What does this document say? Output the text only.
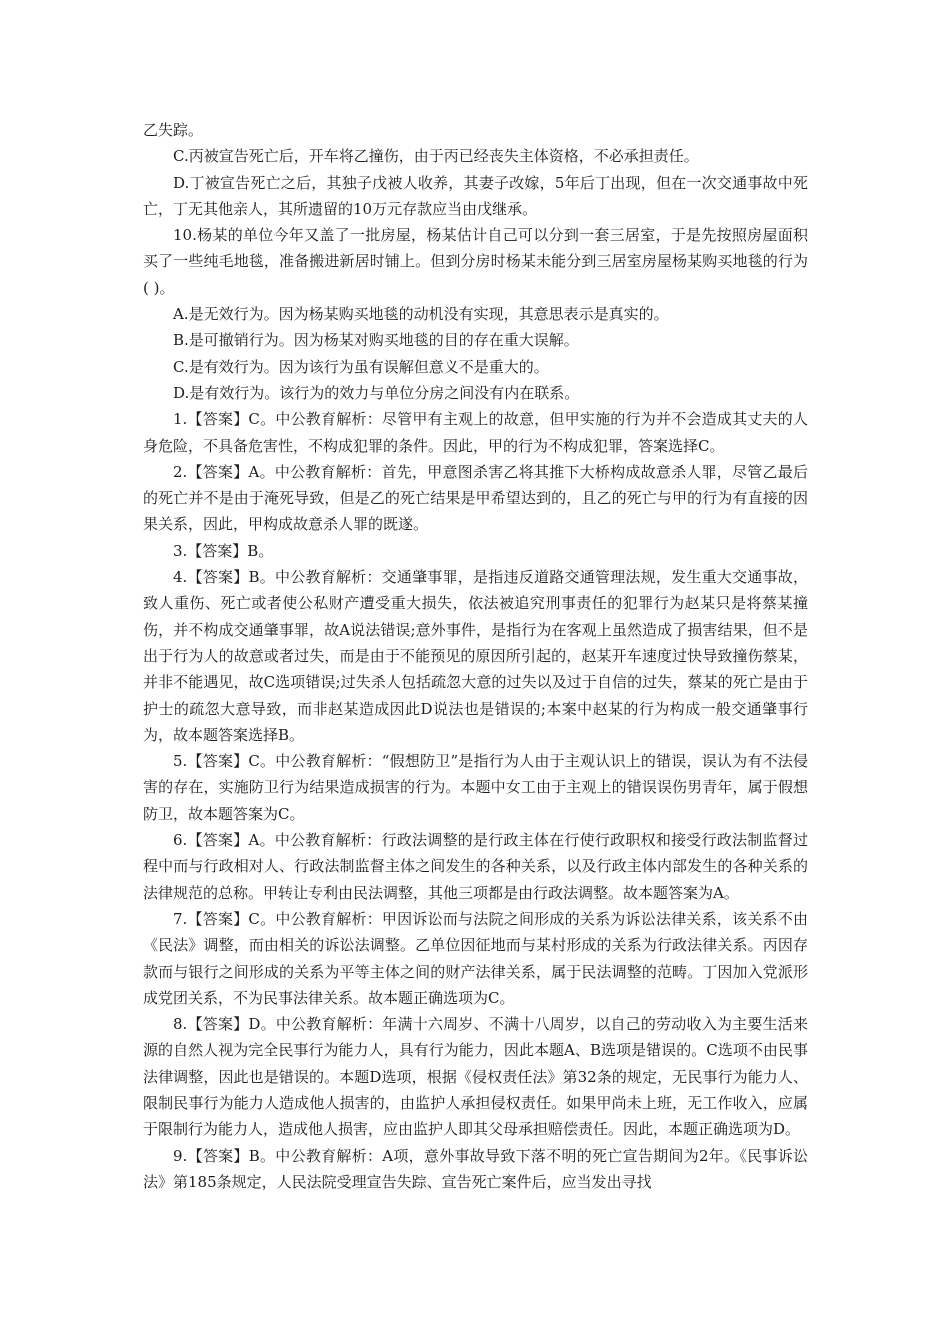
乙失踪。

C.丙被宣告死亡后，开车将乙撞伤，由于丙已经丧失主体资格，不必承担责任。

D.丁被宣告死亡之后，其独子戊被人收养，其妻子改嫁，5年后丁出现，但在一次交通事故中死亡，丁无其他亲人，其所遗留的10万元存款应当由戊继承。

10.杨某的单位今年又盖了一批房屋，杨某估计自己可以分到一套三居室，于是先按照房屋面积买了一些纯毛地毯，准备搬进新居时铺上。但到分房时杨某未能分到三居室房屋杨某购买地毯的行为( )。

A.是无效行为。因为杨某购买地毯的动机没有实现，其意思表示是真实的。

B.是可撤销行为。因为杨某对购买地毯的目的存在重大误解。

C.是有效行为。因为该行为虽有误解但意义不是重大的。

D.是有效行为。该行为的效力与单位分房之间没有内在联系。

1.【答案】C。中公教育解析：尽管甲有主观上的故意，但甲实施的行为并不会造成其丈夫的人身危险，不具备危害性，不构成犯罪的条件。因此，甲的行为不构成犯罪，答案选择C。

2.【答案】A。中公教育解析：首先，甲意图杀害乙将其推下大桥构成故意杀人罪，尽管乙最后的死亡并不是由于淹死导致，但是乙的死亡结果是甲希望达到的，且乙的死亡与甲的行为有直接的因果关系，因此，甲构成故意杀人罪的既遂。

3.【答案】B。

4.【答案】B。中公教育解析：交通肇事罪，是指违反道路交通管理法规，发生重大交通事故，致人重伤、死亡或者使公私财产遭受重大损失，依法被追究刑事责任的犯罪行为赵某只是将蔡某撞伤，并不构成交通肇事罪，故A说法错误;意外事件，是指行为在客观上虽然造成了损害结果，但不是出于行为人的故意或者过失，而是由于不能预见的原因所引起的，赵某开车速度过快导致撞伤蔡某，并非不能遇见，故C选项错误;过失杀人包括疏忽大意的过失以及过于自信的过失，蔡某的死亡是由于护士的疏忽大意导致，而非赵某造成因此D说法也是错误的;本案中赵某的行为构成一般交通肇事行为，故本题答案选择B。

5.【答案】C。中公教育解析：“假想防卫”是指行为人由于主观认识上的错误，误认为有不法侵害的存在，实施防卫行为结果造成损害的行为。本题中女工由于主观上的错误误伤男青年，属于假想防卫，故本题答案为C。

6.【答案】A。中公教育解析：行政法调整的是行政主体在行使行政职权和接受行政法制监督过程中而与行政相对人、行政法制监督主体之间发生的各种关系，以及行政主体内部发生的各种关系的法律规范的总称。甲转让专利由民法调整，其他三项都是由行政法调整。故本题答案为A。

7.【答案】C。中公教育解析：甲因诉讼而与法院之间形成的关系为诉讼法律关系，该关系不由《民法》调整，而由相关的诉讼法调整。乙单位因征地而与某村形成的关系为行政法律关系。丙因存款而与银行之间形成的关系为平等主体之间的财产法律关系，属于民法调整的范畴。丁因加入党派形成党团关系，不为民事法律关系。故本题正确选项为C。

8.【答案】D。中公教育解析：年满十六周岁、不满十八周岁，以自己的劳动收入为主要生活来源的自然人视为完全民事行为能力人，具有行为能力，因此本题A、B选项是错误的。C选项不由民事法律调整，因此也是错误的。本题D选项，根据《侵权责任法》第32条的规定，无民事行为能力人、限制民事行为能力人造成他人损害的，由监护人承担侵权责任。如果甲尚未上班，无工作收入，应属于限制行为能力人，造成他人损害，应由监护人即其父母承担赔偿责任。因此，本题正确选项为D。

9.【答案】B。中公教育解析：A项，意外事故导致下落不明的死亡宣告期间为2年。《民事诉讼法》第185条规定，人民法院受理宣告失踪、宣告死亡案件后，应当发出寻找
